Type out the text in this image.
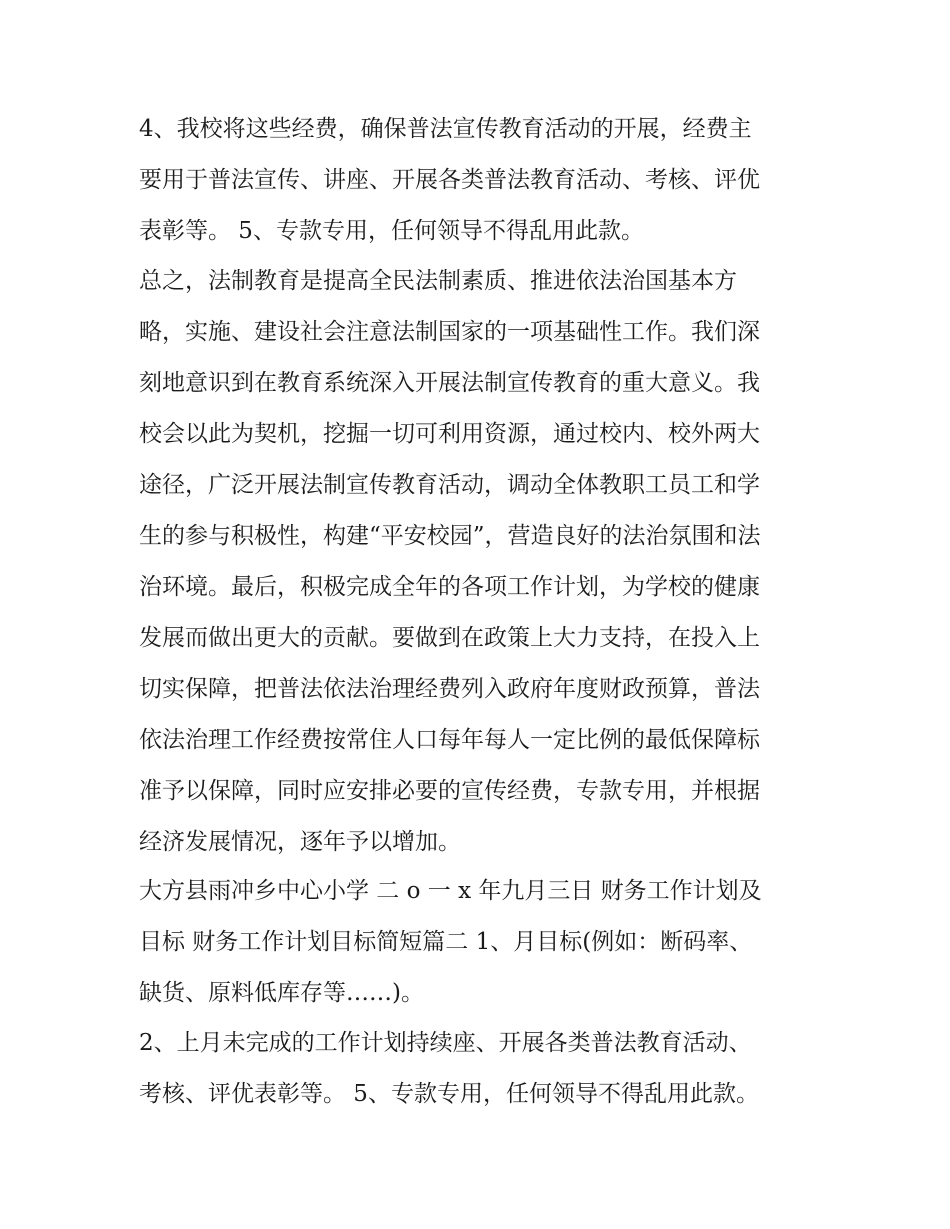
4、我校将这些经费，确保普法宣传教育活动的开展，经费主
要用于普法宣传、讲座、开展各类普法教育活动、考核、评优
表彰等。 5、专款专用，任何领导不得乱用此款。

总之，法制教育是提高全民法制素质、推进依法治国基本方
略，实施、建设社会注意法制国家的一项基础性工作。我们深
刻地意识到在教育系统深入开展法制宣传教育的重大意义。我
校会以此为契机，挖掘一切可利用资源，通过校内、校外两大
途径，广泛开展法制宣传教育活动，调动全体教职工员工和学
生的参与积极性，构建“平安校园”，营造良好的法治氛围和法
治环境。最后，积极完成全年的各项工作计划，为学校的健康
发展而做出更大的贡献。要做到在政策上大力支持，在投入上
切实保障，把普法依法治理经费列入政府年度财政预算，普法
依法治理工作经费按常住人口每年每人一定比例的最低保障标
准予以保障，同时应安排必要的宣传经费，专款专用，并根据
经济发展情况，逐年予以增加。

大方县雨冲乡中心小学 二 o 一 x 年九月三日 财务工作计划及
目标 财务工作计划目标简短篇二 1、月目标(例如：断码率、
缺货、原料低库存等……)。

2、上月未完成的工作计划持续座、开展各类普法教育活动、
考核、评优表彰等。 5、专款专用，任何领导不得乱用此款。
